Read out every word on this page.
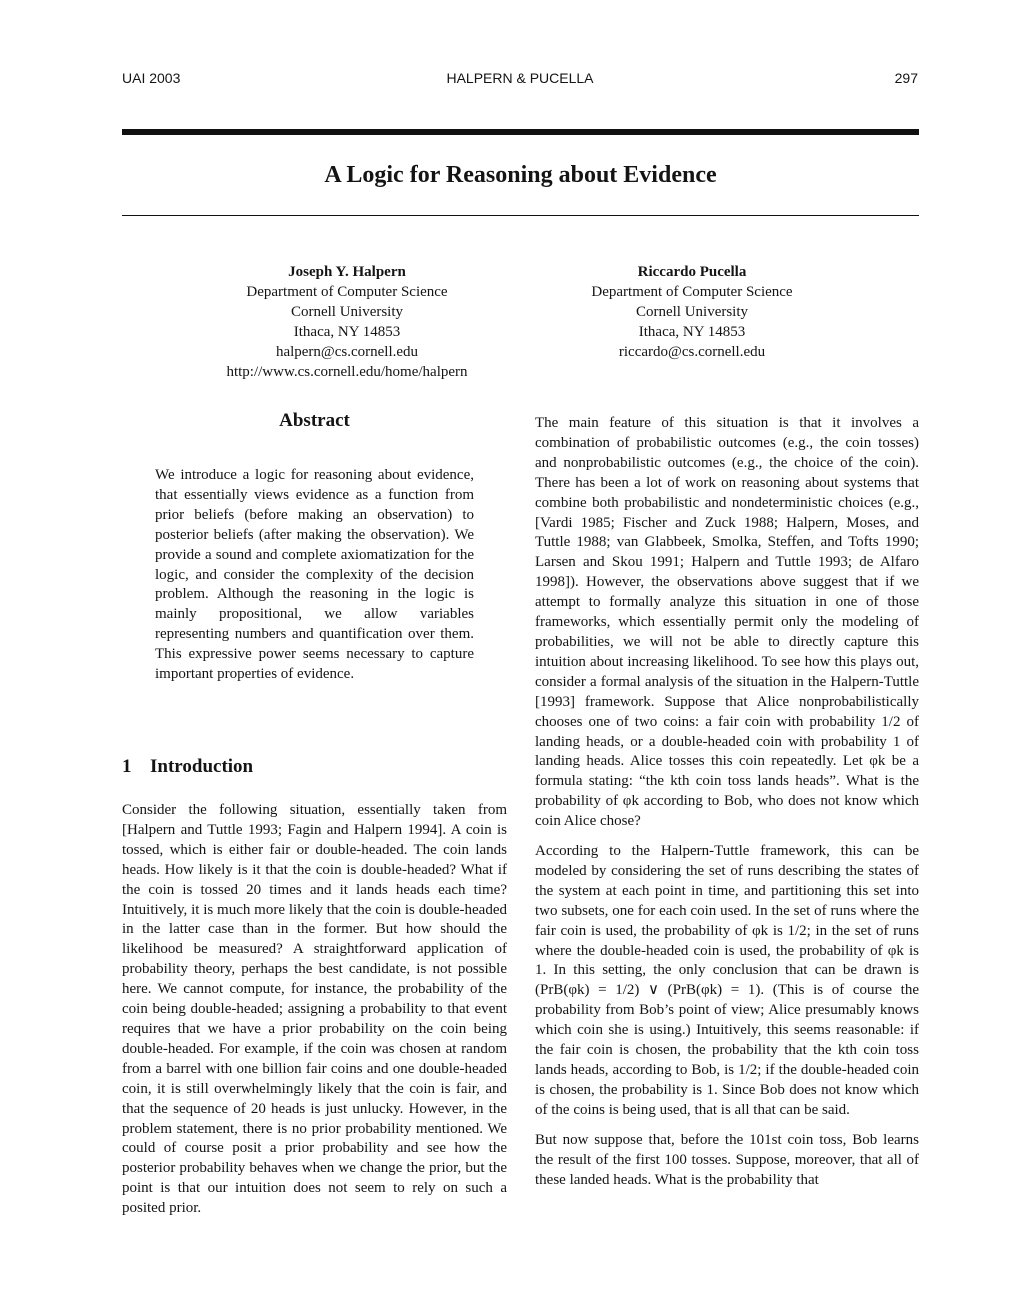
UAI 2003	HALPERN & PUCELLA	297
A Logic for Reasoning about Evidence
Joseph Y. Halpern
Department of Computer Science
Cornell University
Ithaca, NY 14853
halpern@cs.cornell.edu
http://www.cs.cornell.edu/home/halpern
Riccardo Pucella
Department of Computer Science
Cornell University
Ithaca, NY 14853
riccardo@cs.cornell.edu
Abstract

We introduce a logic for reasoning about evidence, that essentially views evidence as a function from prior beliefs (before making an observation) to posterior beliefs (after making the observation). We provide a sound and complete axiomatization for the logic, and consider the complexity of the decision problem. Although the reasoning in the logic is mainly propositional, we allow variables representing numbers and quantification over them. This expressive power seems necessary to capture important properties of evidence.

1 Introduction

Consider the following situation, essentially taken from [Halpern and Tuttle 1993; Fagin and Halpern 1994]. A coin is tossed, which is either fair or double-headed. The coin lands heads. How likely is it that the coin is double-headed? What if the coin is tossed 20 times and it lands heads each time? Intuitively, it is much more likely that the coin is double-headed in the latter case than in the former. But how should the likelihood be measured? A straightforward application of probability theory, perhaps the best candidate, is not possible here. We cannot compute, for instance, the probability of the coin being double-headed; assigning a probability to that event requires that we have a prior probability on the coin being double-headed. For example, if the coin was chosen at random from a barrel with one billion fair coins and one double-headed coin, it is still overwhelmingly likely that the coin is fair, and that the sequence of 20 heads is just unlucky. However, in the problem statement, there is no prior probability mentioned. We could of course posit a prior probability and see how the posterior probability behaves when we change the prior, but the point is that our intuition does not seem to rely on such a posited prior.

The main feature of this situation is that it involves a combination of probabilistic outcomes (e.g., the coin tosses) and nonprobabilistic outcomes (e.g., the choice of the coin). There has been a lot of work on reasoning about systems that combine both probabilistic and nondeterministic choices (e.g., [Vardi 1985; Fischer and Zuck 1988; Halpern, Moses, and Tuttle 1988; van Glabbeek, Smolka, Steffen, and Tofts 1990; Larsen and Skou 1991; Halpern and Tuttle 1993; de Alfaro 1998]). However, the observations above suggest that if we attempt to formally analyze this situation in one of those frameworks, which essentially permit only the modeling of probabilities, we will not be able to directly capture this intuition about increasing likelihood. To see how this plays out, consider a formal analysis of the situation in the Halpern-Tuttle [1993] framework. Suppose that Alice nonprobabilistically chooses one of two coins: a fair coin with probability 1/2 of landing heads, or a double-headed coin with probability 1 of landing heads. Alice tosses this coin repeatedly. Let φk be a formula stating: “the kth coin toss lands heads”. What is the probability of φk according to Bob, who does not know which coin Alice chose?

According to the Halpern-Tuttle framework, this can be modeled by considering the set of runs describing the states of the system at each point in time, and partitioning this set into two subsets, one for each coin used. In the set of runs where the fair coin is used, the probability of φk is 1/2; in the set of runs where the double-headed coin is used, the probability of φk is 1. In this setting, the only conclusion that can be drawn is (PrB(φk) = 1/2) ∨ (PrB(φk) = 1). (This is of course the probability from Bob’s point of view; Alice presumably knows which coin she is using.) Intuitively, this seems reasonable: if the fair coin is chosen, the probability that the kth coin toss lands heads, according to Bob, is 1/2; if the double-headed coin is chosen, the probability is 1. Since Bob does not know which of the coins is being used, that is all that can be said.

But now suppose that, before the 101st coin toss, Bob learns the result of the first 100 tosses. Suppose, moreover, that all of these landed heads. What is the probability that
